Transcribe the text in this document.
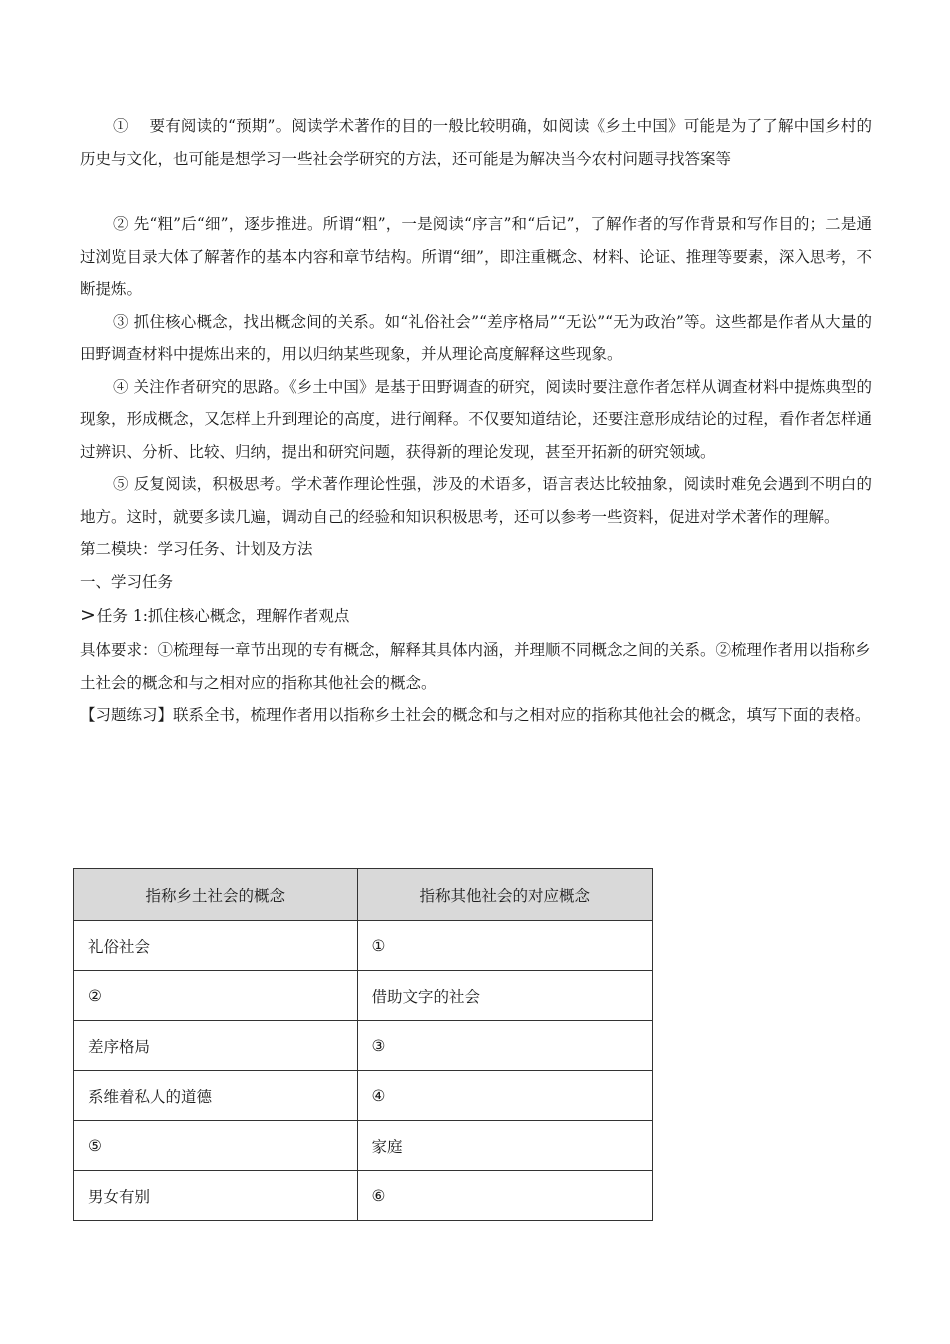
①　 要有阅读的“预期”。阅读学术著作的目的一般比较明确，如阅读《乡土中国》可能是为了了解中国乡村的历史与文化，也可能是想学习一些社会学研究的方法，还可能是为解决当今农村问题寻找答案等

② 先“粗”后“细”，逐步推进。所谓“粗”，一是阅读“序言”和“后记”，了解作者的写作背景和写作目的；二是通过浏览目录大体了解著作的基本内容和章节结构。所谓“细”，即注重概念、材料、论证、推理等要素，深入思考，不断提炼。

③ 抓住核心概念，找出概念间的关系。如“礼俗社会”“差序格局”“无讼”“无为政治”等。这些都是作者从大量的田野调查材料中提炼出来的，用以归纳某些现象，并从理论高度解释这些现象。

④ 关注作者研究的思路。《乡土中国》是基于田野调查的研究，阅读时要注意作者怎样从调查材料中提炼典型的现象，形成概念，又怎样上升到理论的高度，进行阐释。不仅要知道结论，还要注意形成结论的过程，看作者怎样通过辨识、分析、比较、归纳，提出和研究问题，获得新的理论发现，甚至开拓新的研究领域。

⑤ 反复阅读，积极思考。学术著作理论性强，涉及的术语多，语言表达比较抽象，阅读时难免会遇到不明白的地方。这时，就要多读几遍，调动自己的经验和知识积极思考，还可以参考一些资料，促进对学术著作的理解。

第二模块：学习任务、计划及方法

一、学习任务

>任务 1:抓住核心概念，理解作者观点

具体要求：①梳理每一章节出现的专有概念，解释其具体内涵，并理顺不同概念之间的关系。②梳理作者用以指称乡土社会的概念和与之相对应的指称其他社会的概念。

【习题练习】联系全书，梳理作者用以指称乡土社会的概念和与之相对应的指称其他社会的概念，填写下面的表格。

指称乡土社会的概念	指称其他社会的对应概念
礼俗社会	①
②	借助文字的社会
差序格局	③
系维着私人的道德	④
⑤	家庭
男女有别	⑥
